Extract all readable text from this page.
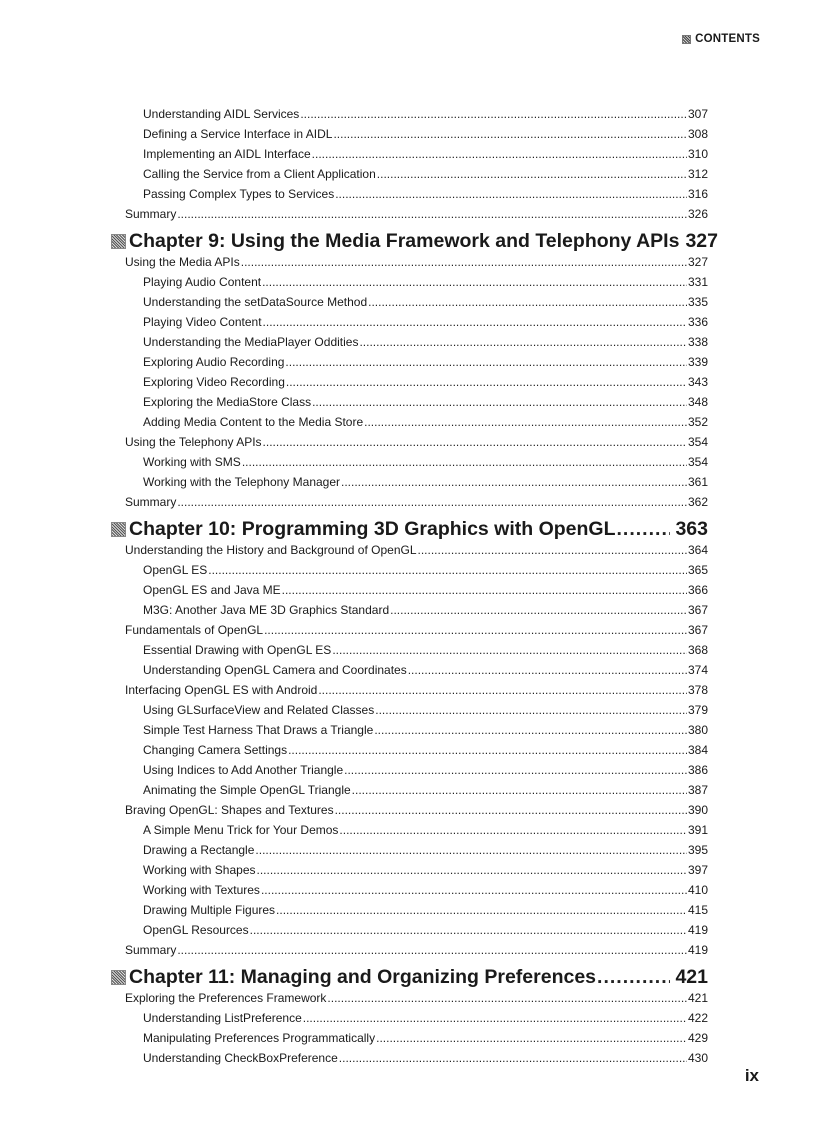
CONTENTS
Understanding AIDL Services .....	307
Defining a Service Interface in AIDL .....	308
Implementing an AIDL Interface .....	310
Calling the Service from a Client Application .....	312
Passing Complex Types to Services .....	316
Summary .....	326
Chapter 9: Using the Media Framework and Telephony APIs 327
Using the Media APIs .....	327
Playing Audio Content .....	331
Understanding the setDataSource Method .....	335
Playing Video Content .....	336
Understanding the MediaPlayer Oddities .....	338
Exploring Audio Recording .....	339
Exploring Video Recording .....	343
Exploring the MediaStore Class .....	348
Adding Media Content to the Media Store .....	352
Using the Telephony APIs .....	354
Working with SMS .....	354
Working with the Telephony Manager .....	361
Summary .....	362
Chapter 10: Programming 3D Graphics with OpenGL .....	363
Understanding the History and Background of OpenGL .....	364
OpenGL ES .....	365
OpenGL ES and Java ME .....	366
M3G: Another Java ME 3D Graphics Standard .....	367
Fundamentals of OpenGL .....	367
Essential Drawing with OpenGL ES .....	368
Understanding OpenGL Camera and Coordinates .....	374
Interfacing OpenGL ES with Android .....	378
Using GLSurfaceView and Related Classes .....	379
Simple Test Harness That Draws a Triangle .....	380
Changing Camera Settings .....	384
Using Indices to Add Another Triangle .....	386
Animating the Simple OpenGL Triangle .....	387
Braving OpenGL: Shapes and Textures .....	390
A Simple Menu Trick for Your Demos .....	391
Drawing a Rectangle .....	395
Working with Shapes .....	397
Working with Textures .....	410
Drawing Multiple Figures .....	415
OpenGL Resources .....	419
Summary .....	419
Chapter 11: Managing and Organizing Preferences .....	421
Exploring the Preferences Framework .....	421
Understanding ListPreference .....	422
Manipulating Preferences Programmatically .....	429
Understanding CheckBoxPreference .....	430
ix
